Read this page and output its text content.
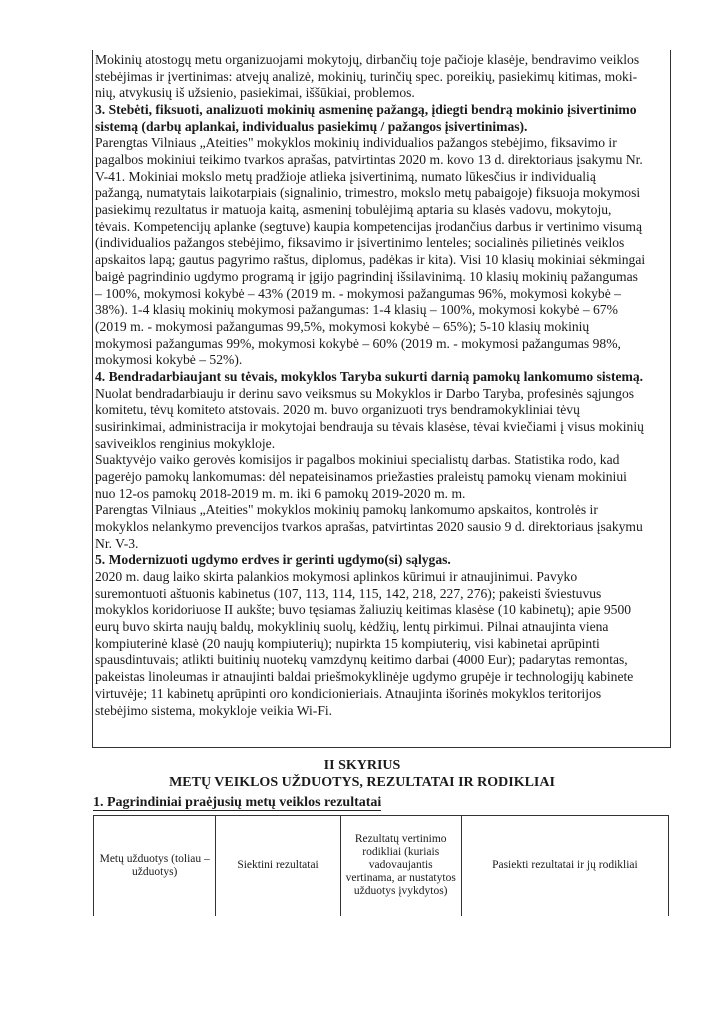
Mokinių atostogų metu organizuojami mokytojų, dirbančių toje pačioje klasėje, bendravimo veiklos
stebėjimas ir įvertinimas: atvejų analizė, mokinių, turinčių spec. poreikių, pasiekimų kitimas, moki-
nių, atvykusių iš užsienio, pasiekimai, iššūkiai, problemos.
3. Stebėti, fiksuoti, analizuoti mokinių asmeninę pažangą, įdiegti bendrą mokinio įsivertinimo
sistemą (darbų aplankai, individualus pasiekimų / pažangos įsivertinimas).
Parengtas Vilniaus „Ateities" mokyklos mokinių individualios pažangos stebėjimo, fiksavimo ir
pagalbos mokiniui teikimo tvarkos aprašas, patvirtintas 2020 m. kovo 13 d. direktoriaus įsakymu Nr.
V-41. Mokiniai mokslo metų pradžioje atlieka įsivertinimą, numato lūkesčius ir individualią
pažangą, numatytais laikotarpiais (signalinio, trimestro, mokslo metų pabaigoje) fiksuoja mokymosi
pasiekimų rezultatus ir matuoja kaitą, asmeninį tobulėjimą aptaria su klasės vadovu, mokytoju,
tėvais. Kompetencijų aplanke (segtuve) kaupia kompetencijas įrodančius darbus ir vertinimo visumą
(individualios pažangos stebėjimo, fiksavimo ir įsivertinimo lenteles; socialinės pilietinės veiklos
apskaitos lapą; gautus pagyrimo raštus, diplomus, padėkas ir kita). Visi 10 klasių mokiniai sėkmingai
baigė pagrindinio ugdymo programą ir įgijo pagrindinį išsilavinimą. 10 klasių mokinių pažangumas
– 100%, mokymosi kokybė – 43% (2019 m. - mokymosi pažangumas 96%, mokymosi kokybė –
38%). 1-4 klasių mokinių mokymosi pažangumas: 1-4 klasių – 100%, mokymosi kokybė – 67%
(2019 m. - mokymosi pažangumas 99,5%, mokymosi kokybė – 65%); 5-10 klasių mokinių
mokymosi pažangumas 99%, mokymosi kokybė – 60% (2019 m. - mokymosi pažangumas 98%,
mokymosi kokybė – 52%).
4. Bendradarbiaujant su tėvais, mokyklos Taryba sukurti darnią pamokų lankomumo sistemą.
Nuolat bendradarbiauju ir derinu savo veiksmus su Mokyklos ir Darbo Taryba, profesinės sąjungos
komitetu, tėvų komiteto atstovais. 2020 m. buvo organizuoti trys bendramokykliniai tėvų
susirinkimai, administracija ir mokytojai bendrauja su tėvais klasėse, tėvai kviečiami į visus mokinių
saviveiklos renginius mokykloje.
Suaktyvėjo vaiko gerovės komisijos ir pagalbos mokiniui specialistų darbas. Statistika rodo, kad
pagerėjo pamokų lankomumas: dėl nepateisinamos priežasties praleistų pamokų vienam mokiniui
nuo 12-os pamokų 2018-2019 m. m. iki 6 pamokų 2019-2020 m. m.
Parengtas Vilniaus „Ateities" mokyklos mokinių pamokų lankomumo apskaitos, kontrolės ir
mokyklos nelankymo prevencijos tvarkos aprašas, patvirtintas 2020 sausio 9 d. direktoriaus įsakymu
Nr. V-3.
5. Modernizuoti ugdymo erdves ir gerinti ugdymo(si) sąlygas.
2020 m. daug laiko skirta palankios mokymosi aplinkos kūrimui ir atnaujinimui. Pavyko
suremontuoti aštuonis kabinetus (107, 113, 114, 115, 142, 218, 227, 276); pakeisti šviestuvus
mokyklos koridoriuose II aukšte; buvo tęsiamas žaliuzių keitimas klasėse (10 kabinetų); apie 9500
eurų buvo skirta naujų baldų, mokyklinių suolų, kėdžių, lentų pirkimui. Pilnai atnaujinta viena
kompiuterinė klasė (20 naujų kompiuterių); nupirkta 15 kompiuterių, visi kabinetai aprūpinti
spausdintuvais; atlikti buitinių nuotekų vamzdynų keitimo darbai (4000 Eur); padarytas remontas,
pakeistas linoleumas ir atnaujinti baldai priešmokyklinėje ugdymo grupėje ir technologijų kabinete
virtuvėje; 11 kabinetų aprūpinti oro kondicionieriais. Atnaujinta išorinės mokyklos teritorijos
stebėjimo sistema, mokykloje veikia Wi-Fi.
II SKYRIUS
METŲ VEIKLOS UŽDUOTYS, REZULTATAI IR RODIKLIAI
1. Pagrindiniai praėjusių metų veiklos rezultatai
Metų užduotys (toliau – užduotys)	Siektini rezultatai	Rezultatų vertinimo rodikliai (kuriais vadovaujantis vertinama, ar nustatytos užduotys įvykdytos)	Pasiekti rezultatai ir jų rodikliai
